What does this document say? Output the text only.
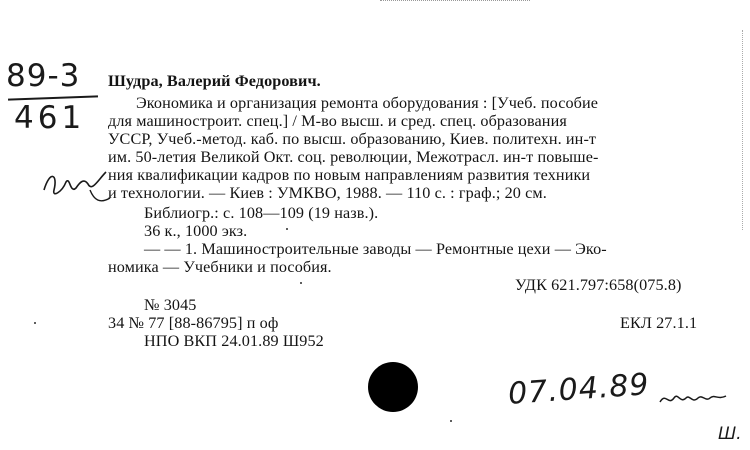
89-3
461
Шудра, Валерий Федорович.
Экономика и организация ремонта оборудования : [Учеб. пособие
для машиностроит. спец.] / М-во высш. и сред. спец. образования
УССР, Учеб.-метод. каб. по высш. образованию, Киев. политехн. ин-т
им. 50-летия Великой Окт. соц. революции, Межотрасл. ин-т повыше-
ния квалификации кадров по новым направлениям развития техники
и технологии. — Киев : УМКВО, 1988. — 110 с. : граф.; 20 см.
Библиогр.: с. 108—109 (19 назв.).
36 к., 1000 экз.
— — 1. Машиностроительные заводы — Ремонтные цехи — Эко-
номика — Учебники и пособия.
УДК 621.797:658(075.8)
№ 3045
34 № 77 [88-86795] п оф	ЕКЛ 27.1.1
НПО ВКП 24.01.89 Ш952
07.04.89
Ш.
